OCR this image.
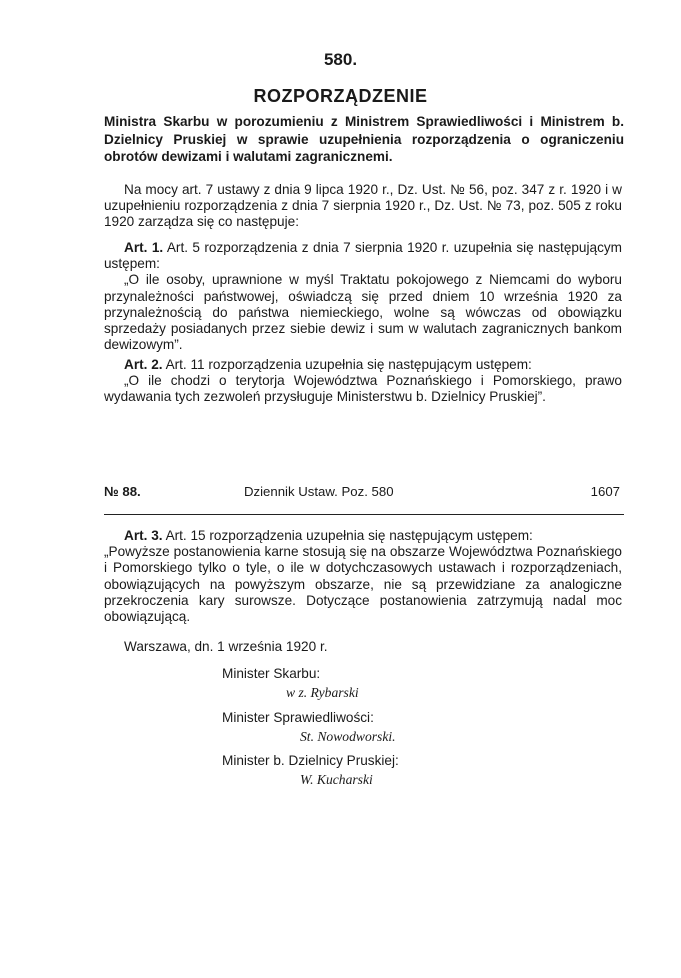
580.
ROZPORZĄDZENIE
Ministra Skarbu w porozumieniu z Ministrem Sprawiedliwości i Ministrem b. Dzielnicy Pruskiej w sprawie uzupełnienia rozporządzenia o ograniczeniu obrotów dewizami i walutami zagranicznemi.

Na mocy art. 7 ustawy z dnia 9 lipca 1920 r., Dz. Ust. № 56, poz. 347 z r. 1920 i w uzupełnieniu rozporządzenia z dnia 7 sierpnia 1920 r., Dz. Ust. № 73, poz. 505 z roku 1920 zarządza się co następuje:

Art. 1. Art. 5 rozporządzenia z dnia 7 sierpnia 1920 r. uzupełnia się następującym ustępem:

„O ile osoby, uprawnione w myśl Traktatu pokojowego z Niemcami do wyboru przynależności państwowej, oświadczą się przed dniem 10 września 1920 za przynależnością do państwa niemieckiego, wolne są wówczas od obowiązku sprzedaży posiadanych przez siebie dewiz i sum w walutach zagranicznych bankom dewizowym”.

Art. 2. Art. 11 rozporządzenia uzupełnia się następującym ustępem:

„O ile chodzi o terytorja Województwa Poznańskiego i Pomorskiego, prawo wydawania tych zezwoleń przysługuje Ministerstwu b. Dzielnicy Pruskiej”.

№ 88.	Dziennik Ustaw. Poz. 580	1607

Art. 3. Art. 15 rozporządzenia uzupełnia się następującym ustępem:

„Powyższe postanowienia karne stosują się na obszarze Województwa Poznańskiego i Pomorskiego tylko o tyle, o ile w dotychczasowych ustawach i rozporządzeniach, obowiązujących na powyższym obszarze, nie są przewidziane za analogiczne przekroczenia kary surowsze. Dotyczące postanowienia zatrzymują nadal moc obowiązującą.

Warszawa, dn. 1 września 1920 r.
Minister Skarbu:
w z. Rybarski
Minister Sprawiedliwości:
St. Nowodworski.
Minister b. Dzielnicy Pruskiej:
W. Kucharski
